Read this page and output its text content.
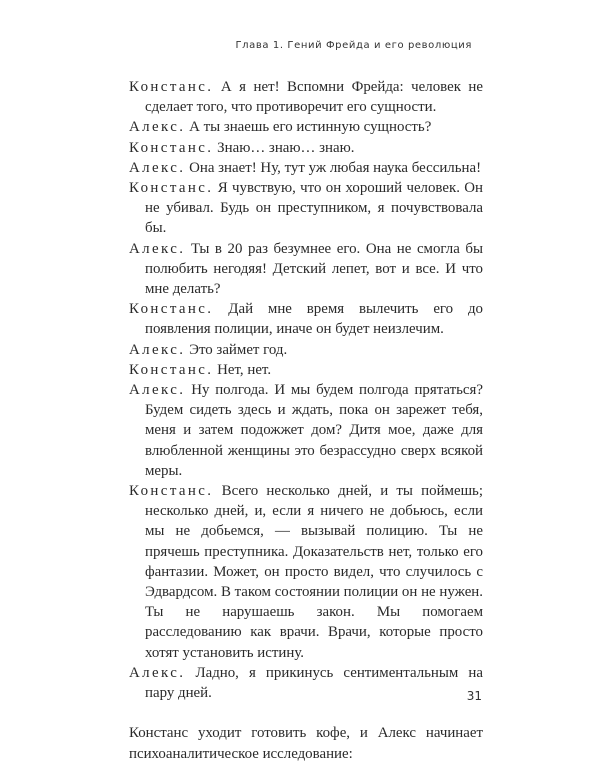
Глава 1. Гений Фрейда и его революция

Констанс. А я нет! Вспомни Фрейда: человек не сделает того, что противоречит его сущности.

Алекс. А ты знаешь его истинную сущность?

Констанс. Знаю… знаю… знаю.

Алекс. Она знает! Ну, тут уж любая наука бессильна!

Констанс. Я чувствую, что он хороший человек. Он не убивал. Будь он преступником, я почувствовала бы.

Алекс. Ты в 20 раз безумнее его. Она не смогла бы полюбить негодяя! Детский лепет, вот и все. И что мне делать?

Констанс. Дай мне время вылечить его до появления полиции, иначе он будет неизлечим.

Алекс. Это займет год.

Констанс. Нет, нет.

Алекс. Ну полгода. И мы будем полгода прятаться? Будем сидеть здесь и ждать, пока он зарежет тебя, меня и затем подожжет дом? Дитя мое, даже для влюбленной женщины это безрассудно сверх всякой меры.

Констанс. Всего несколько дней, и ты поймешь; несколько дней, и, если я ничего не добьюсь, если мы не добьемся, — вызывай полицию. Ты не прячешь преступника. Доказательств нет, только его фантазии. Может, он просто видел, что случилось с Эдвардсом. В таком состоянии полиции он не нужен. Ты не нарушаешь закон. Мы помогаем расследованию как врачи. Врачи, которые просто хотят установить истину.

Алекс. Ладно, я прикинусь сентиментальным на пару дней.

Констанс уходит готовить кофе, и Алекс начинает психоаналитическое исследование:

31
